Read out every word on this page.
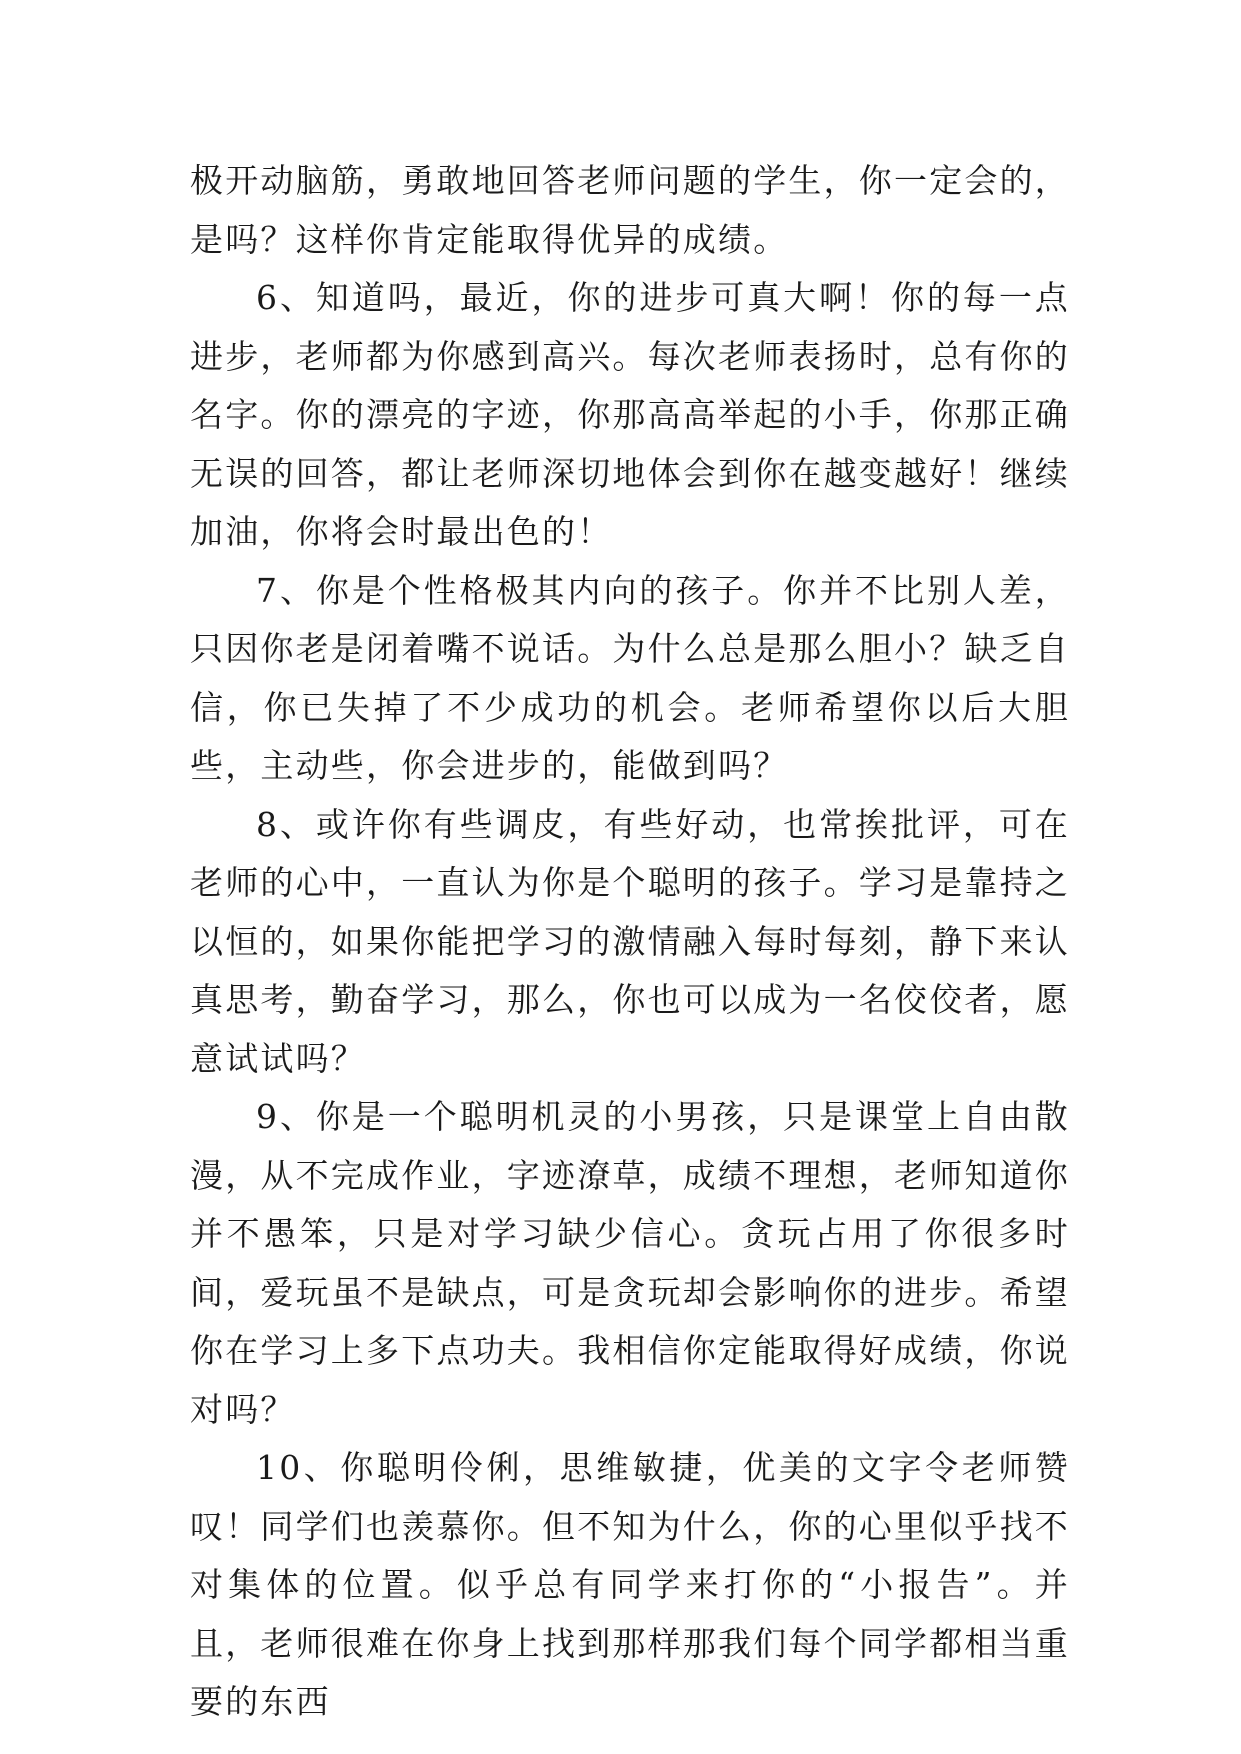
极开动脑筋，勇敢地回答老师问题的学生，你一定会的，是吗？这样你肯定能取得优异的成绩。

6、知道吗，最近，你的进步可真大啊！你的每一点进步，老师都为你感到高兴。每次老师表扬时，总有你的名字。你的漂亮的字迹，你那高高举起的小手，你那正确无误的回答，都让老师深切地体会到你在越变越好！继续加油，你将会时最出色的！

7、你是个性格极其内向的孩子。你并不比别人差，只因你老是闭着嘴不说话。为什么总是那么胆小？缺乏自信，你已失掉了不少成功的机会。老师希望你以后大胆些，主动些，你会进步的，能做到吗？

8、或许你有些调皮，有些好动，也常挨批评，可在老师的心中，一直认为你是个聪明的孩子。学习是靠持之以恒的，如果你能把学习的激情融入每时每刻，静下来认真思考，勤奋学习，那么，你也可以成为一名佼佼者，愿意试试吗？

9、你是一个聪明机灵的小男孩，只是课堂上自由散漫，从不完成作业，字迹潦草，成绩不理想，老师知道你并不愚笨，只是对学习缺少信心。贪玩占用了你很多时间，爱玩虽不是缺点，可是贪玩却会影响你的进步。希望你在学习上多下点功夫。我相信你定能取得好成绩，你说对吗？

10、你聪明伶俐，思维敏捷，优美的文字令老师赞叹！同学们也羡慕你。但不知为什么，你的心里似乎找不对集体的位置。似乎总有同学来打你的“小报告”。并且，老师很难在你身上找到那样那我们每个同学都相当重要的东西
